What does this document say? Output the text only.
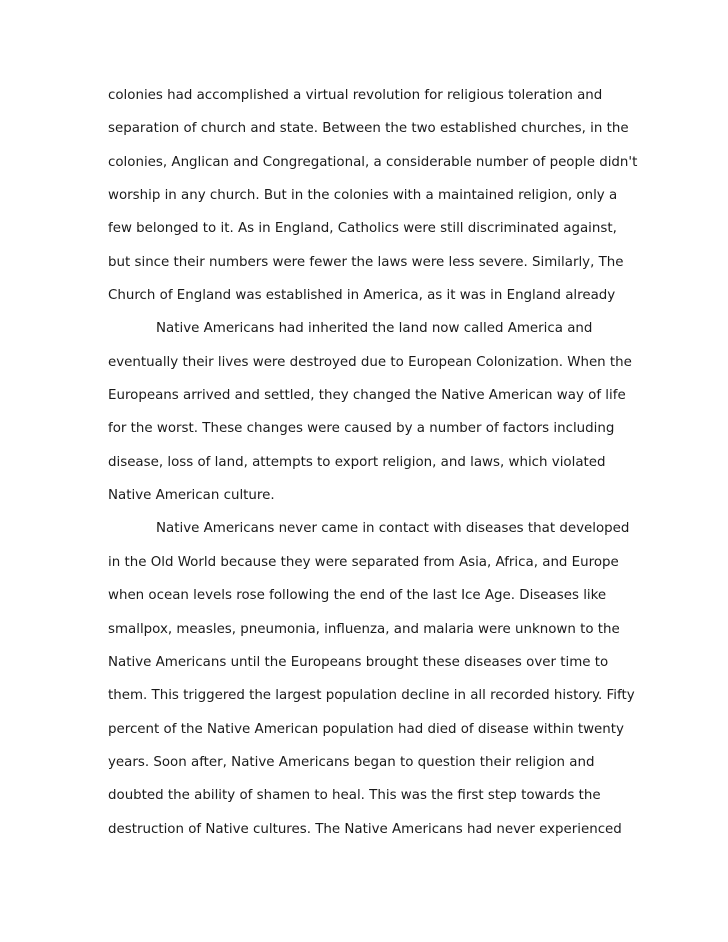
colonies had accomplished a virtual revolution for religious toleration and
separation of church and state. Between the two established churches, in the
colonies, Anglican and Congregational, a considerable number of people didn't
worship in any church. But in the colonies with a maintained religion, only a
few belonged to it. As in England, Catholics were still discriminated against,
but since their numbers were fewer the laws were less severe. Similarly, The
Church of England was established in America, as it was in England already
Native Americans had inherited the land now called America and
eventually their lives were destroyed due to European Colonization. When the
Europeans arrived and settled, they changed the Native American way of life
for the worst. These changes were caused by a number of factors including
disease, loss of land, attempts to export religion, and laws, which violated
Native American culture.
Native Americans never came in contact with diseases that developed
in the Old World because they were separated from Asia, Africa, and Europe
when ocean levels rose following the end of the last Ice Age. Diseases like
smallpox, measles, pneumonia, influenza, and malaria were unknown to the
Native Americans until the Europeans brought these diseases over time to
them. This triggered the largest population decline in all recorded history. Fifty
percent of the Native American population had died of disease within twenty
years. Soon after, Native Americans began to question their religion and
doubted the ability of shamen to heal. This was the first step towards the
destruction of Native cultures. The Native Americans had never experienced
